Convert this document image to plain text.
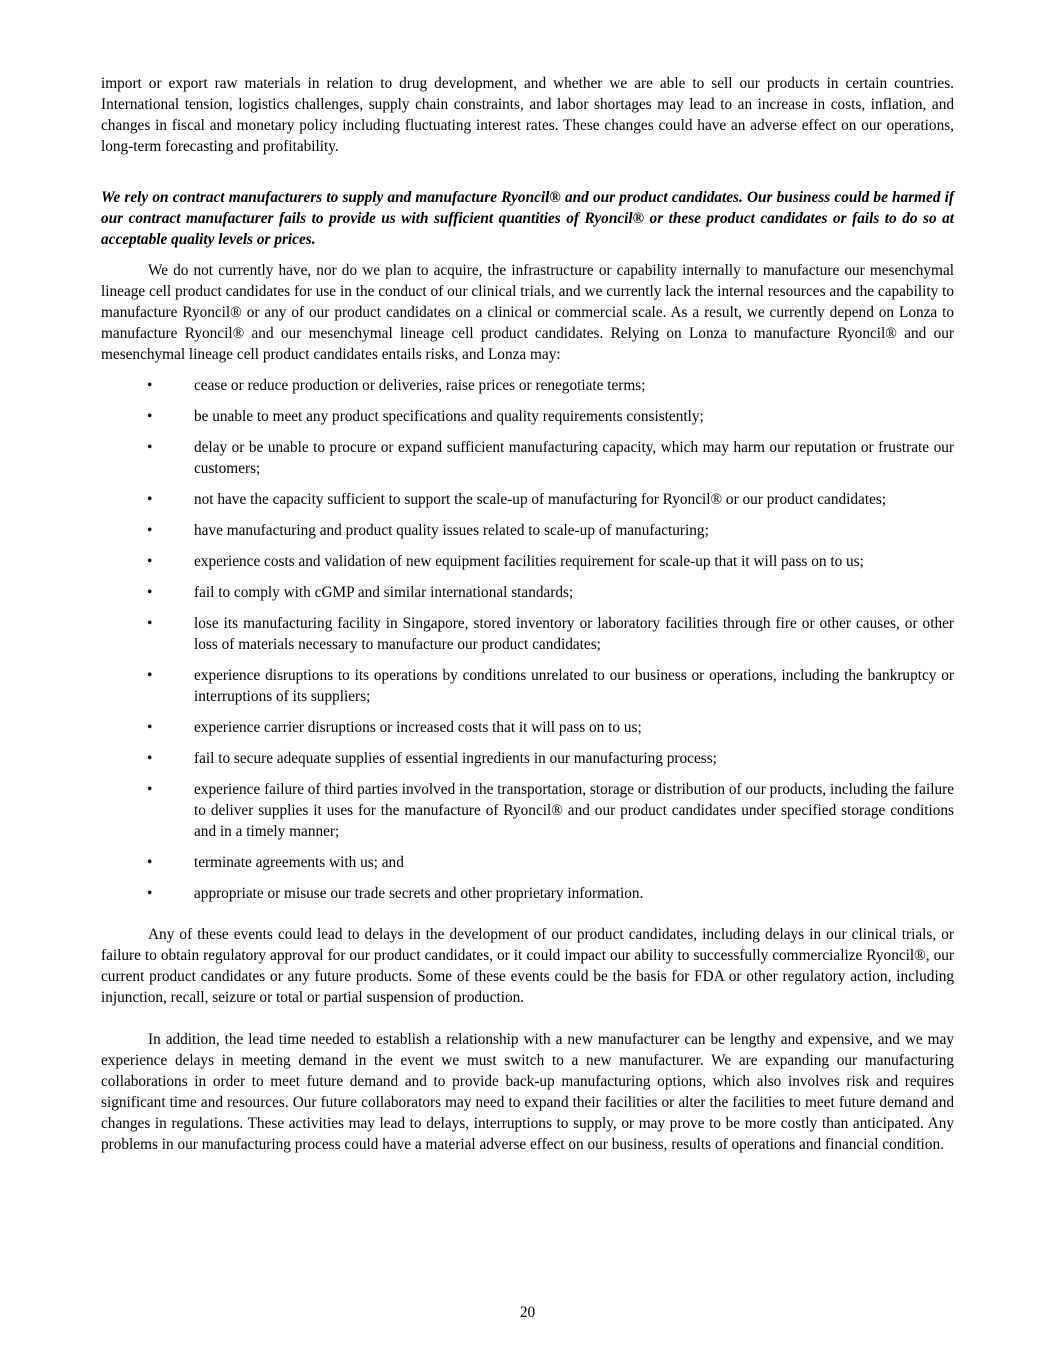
import or export raw materials in relation to drug development, and whether we are able to sell our products in certain countries. International tension, logistics challenges, supply chain constraints, and labor shortages may lead to an increase in costs, inflation, and changes in fiscal and monetary policy including fluctuating interest rates. These changes could have an adverse effect on our operations, long-term forecasting and profitability.

We rely on contract manufacturers to supply and manufacture Ryoncil® and our product candidates. Our business could be harmed if our contract manufacturer fails to provide us with sufficient quantities of Ryoncil® or these product candidates or fails to do so at acceptable quality levels or prices.

We do not currently have, nor do we plan to acquire, the infrastructure or capability internally to manufacture our mesenchymal lineage cell product candidates for use in the conduct of our clinical trials, and we currently lack the internal resources and the capability to manufacture Ryoncil® or any of our product candidates on a clinical or commercial scale. As a result, we currently depend on Lonza to manufacture Ryoncil® and our mesenchymal lineage cell product candidates. Relying on Lonza to manufacture Ryoncil® and our mesenchymal lineage cell product candidates entails risks, and Lonza may:

•	cease or reduce production or deliveries, raise prices or renegotiate terms;
•	be unable to meet any product specifications and quality requirements consistently;
•	delay or be unable to procure or expand sufficient manufacturing capacity, which may harm our reputation or frustrate our customers;
•	not have the capacity sufficient to support the scale-up of manufacturing for Ryoncil® or our product candidates;
•	have manufacturing and product quality issues related to scale-up of manufacturing;
•	experience costs and validation of new equipment facilities requirement for scale-up that it will pass on to us;
•	fail to comply with cGMP and similar international standards;
•	lose its manufacturing facility in Singapore, stored inventory or laboratory facilities through fire or other causes, or other loss of materials necessary to manufacture our product candidates;
•	experience disruptions to its operations by conditions unrelated to our business or operations, including the bankruptcy or interruptions of its suppliers;
•	experience carrier disruptions or increased costs that it will pass on to us;
•	fail to secure adequate supplies of essential ingredients in our manufacturing process;
•	experience failure of third parties involved in the transportation, storage or distribution of our products, including the failure to deliver supplies it uses for the manufacture of Ryoncil® and our product candidates under specified storage conditions and in a timely manner;
•	terminate agreements with us; and
•	appropriate or misuse our trade secrets and other proprietary information.

Any of these events could lead to delays in the development of our product candidates, including delays in our clinical trials, or failure to obtain regulatory approval for our product candidates, or it could impact our ability to successfully commercialize Ryoncil®, our current product candidates or any future products. Some of these events could be the basis for FDA or other regulatory action, including injunction, recall, seizure or total or partial suspension of production.

In addition, the lead time needed to establish a relationship with a new manufacturer can be lengthy and expensive, and we may experience delays in meeting demand in the event we must switch to a new manufacturer. We are expanding our manufacturing collaborations in order to meet future demand and to provide back-up manufacturing options, which also involves risk and requires significant time and resources. Our future collaborators may need to expand their facilities or alter the facilities to meet future demand and changes in regulations. These activities may lead to delays, interruptions to supply, or may prove to be more costly than anticipated. Any problems in our manufacturing process could have a material adverse effect on our business, results of operations and financial condition.

20
